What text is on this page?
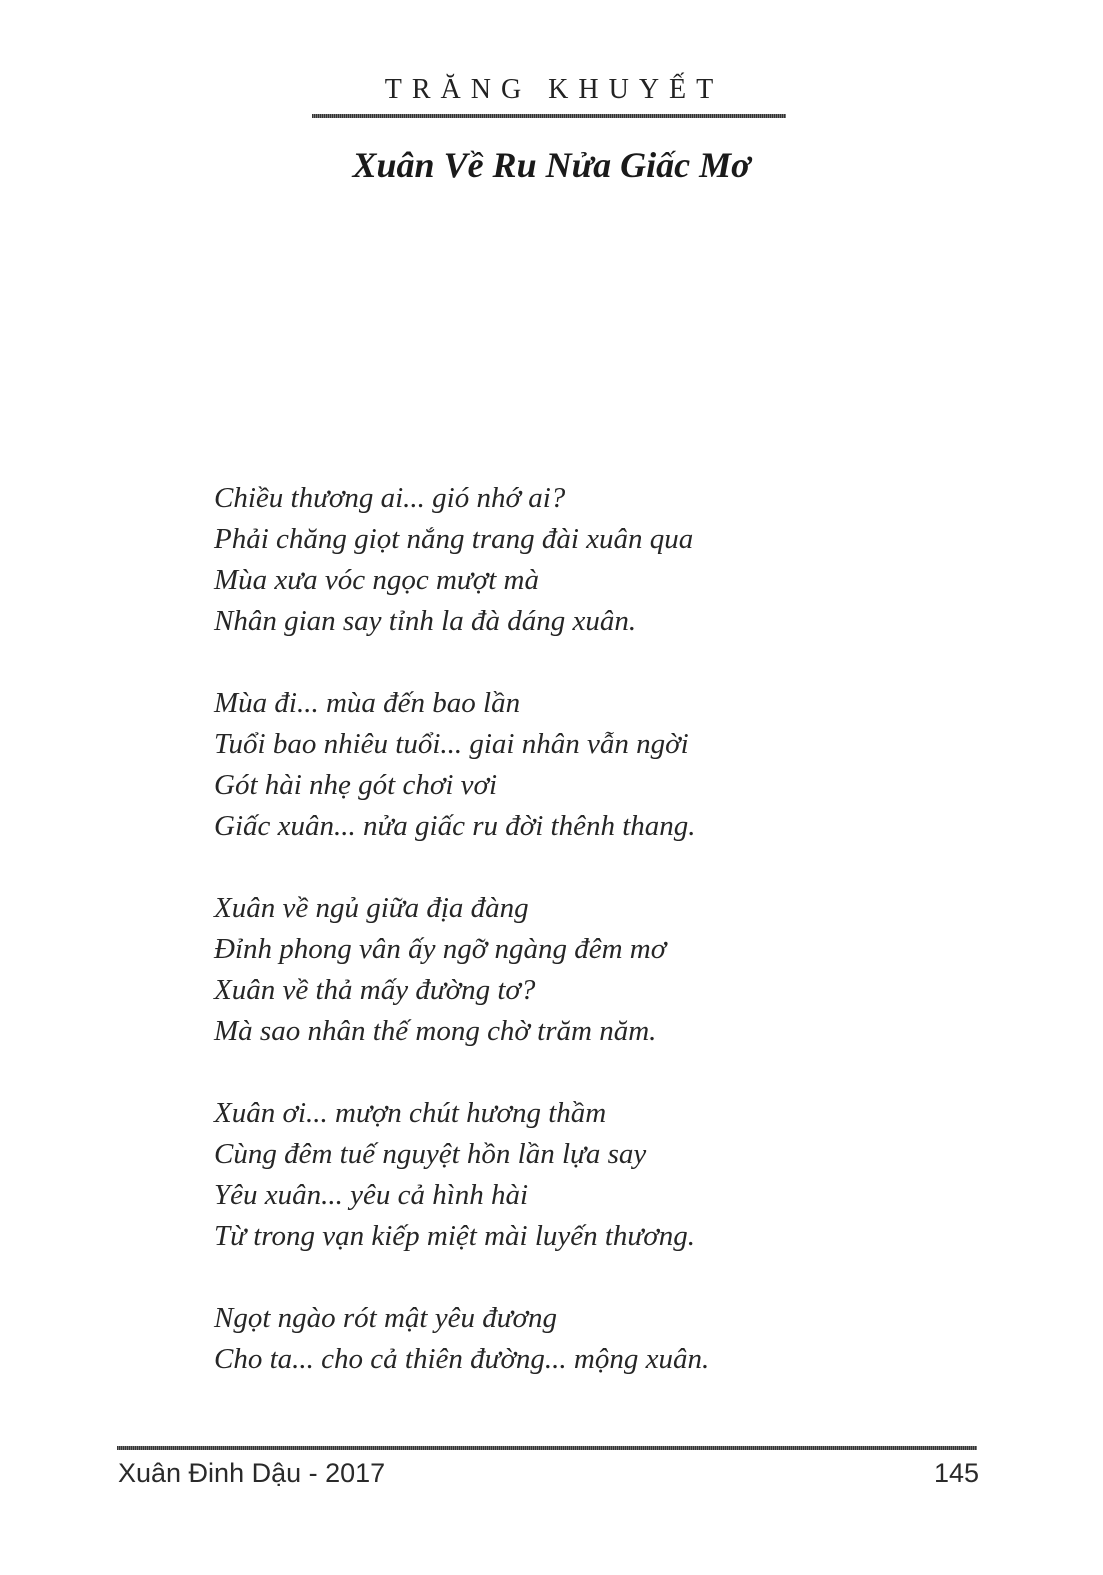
TRĂNG KHUYẾT
Xuân Về Ru Nửa Giấc Mơ
Chiều thương ai... gió nhớ ai?
Phải chăng giọt nắng trang đài xuân qua
Mùa xưa vóc ngọc mượt mà
Nhân gian say tỉnh la đà dáng xuân.
Mùa đi... mùa đến bao lần
Tuổi bao nhiêu tuổi... giai nhân vẫn ngời
Gót hài nhẹ gót chơi vơi
Giấc xuân... nửa giấc ru đời thênh thang.
Xuân về ngủ giữa địa đàng
Đỉnh phong vân ấy ngỡ ngàng đêm mơ
Xuân về thả mấy đường tơ?
Mà sao nhân thế mong chờ trăm năm.
Xuân ơi... mượn chút hương thầm
Cùng đêm tuế nguyệt hồn lần lựa say
Yêu xuân... yêu cả hình hài
Từ trong vạn kiếp miệt mài luyến thương.
Ngọt ngào rót mật yêu đương
Cho ta... cho cả thiên đường... mộng xuân.
Xuân Đinh Dậu - 2017	145
